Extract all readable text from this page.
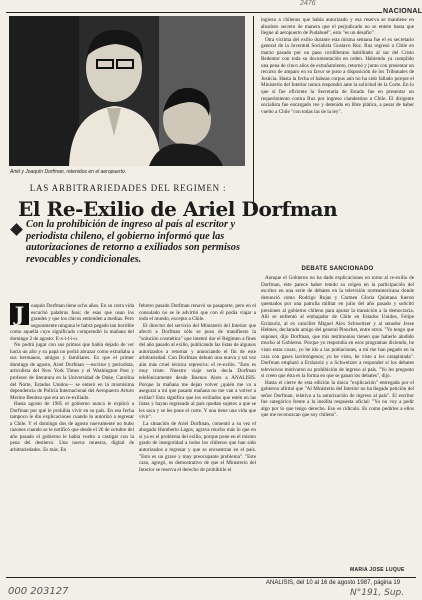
2476
NACIONAL
Ariel y Joaquín Dorfman, retenidos en el aeropuerto.

ingreso a chilenos que había autorizado y esa reserva se mantiene en absoluto secreto de manera que el perjudicado no se entere hasta que llegue al aeropuerto de Pudahuel", esto "es un desafío".

Otra víctima del exilio durante esta misma semana fue el ex secretario general de la Juventud Socialista Gustavo Ruz. Ruz regresó a Chile en marzo pasado por un paso cordillerano habilitado al sur del Cristo Redentor con toda su documentación en orden. Habiendo ya cumplido una pena de cinco años de extrañamiento, retornó y junto con presentar un recurso de amparo en su favor se puso a disposición de los Tribunales de Justicia. Hasta la fecha el habeas corpus aún no ha sido fallado porque el Ministerio del Interior nunca respondió ante la solicitud de la Corte. En lo que sí fue eficiente la Secretaría de Estado fue en presentar un requerimiento contra Ruz por ingreso clandestino a Chile. El dirigente socialista fue encargado reo y detenido en libre plática, a pesar de haber vuelto a Chile "con todas las de la ley".

LAS ARBITRARIEDADES DEL REGIMEN :
El Re-Exilio de Ariel Dorfman
Con la prohibición de ingreso al país al escritor y periodista chileno, el gobierno informó que las autorizaciones de retorno a exiliados son permisos revocables y condicionales.
J	oaquín Dorfman tiene ocho años. En su corta vida escuchó palabras feas; de esas que usan los grandes y que los chicos entienden a medias. Pero seguramente ninguna le habrá pegado tan horrible como aquella cuyo significado comprendió la mañana del domingo 2 de agosto: E-x-i-l-i-o.

No podrá jugar con sus primos que había dejado de ver hacía un año y su papá no podrá abrazar como extrañaba a sus hermanos, amigos y familiares. Es que el primer domingo de agosto, Ariel Dorfman —escritor y periodista, articulista del New York Times y el Washington Post y profesor de literatura en la Universidad de Duke, Carolina del Norte, Estados Unidos— se enteró en la mismísima dependencia de Policía Internacional del Aeropuerto Arturo Merino Benítez que era un re-exiliado.

Hasta agosto de 1985 el gobierno nunca le explicó a Dorfman por qué le prohibía vivir en su país. En esa fecha tampoco le dio explicaciones cuando lo autorizó a regresar a Chile. Y el domingo dos de agosto nuevamente no hubo razones cuando se le notificó que desde el 26 de octubre del año pasado el gobierno le había vuelto a castigar con la pena del destierro. Una nueva muestra, digital de arbitrariedades. Es más. En

febrero pasado Dorfman renovó su pasaporte, pero en el consulado no se le advirtió que con él podía viajar a todo el mundo, excepto a Chile.

El director del servicio del Ministerio del Interior que afectó a Dorfman sólo se puso de manifiesto la "solución cosmética" que intentó dar el Régimen a fines del año pasado al exilio, publicando las listas de algunos autorizados a retornar y anunciando el fin de este arbitrariedad. Con Dorfman debutó una nueva y tal vez aún más cruel técnica represiva: el re-exilio. "Esto es muy triste. Nuestro viaje sería decía Dorfman telefónicamente desde Buenos Aires a ANALISIS. Porque la mañana me dejan volver ¿quién me va a asegurar a mí que pasado mañana no me van a volver a exiliar? Esto significa que los exiliados que estén en las listas y hayan regresado al país quedan sujetos a que se les saca y se les pone el corte. Y una tiene una vida que vivir".

La situación de Ariel Dorfman, comentó a su vez el abogado Humberto Lagos, agrava mucho más lo que en sí ya es el problema del exilio, porque pone en el mismo grado de inseguridad a todos los chilenos que han sido autorizados a regresar y que se encuentran en el país. "Esto es un grave y muy preocupante problema". "Este caso, agregó, es demostrativo de que el Ministerio del Interior se reserva el derecho de prohibirle el

DEBATE SANCIONADO

Aunque el Gobierno no ha dado explicaciones en torno al re-exilio de Dorfman, éste parece haber tenido su origen en la participación del escritor en una serie de debates en la televisión norteamericana donde denunció como Rodrigo Rojas y Carmen Gloria Quintana fueron quemados por una patrulla militar en julio del año pasado y solicitó presiones al gobierno chileno para apurar la transición a la democracia. Allí se enfrentó al embajador de Chile en Estados Unidos, Felipe Errázuriz, al ex canciller Miguel Alex Schweitzer y al senador Jesse Helmes, declarado amigo del general Pinochet, entre otros. "Yo tengo que suponer, dijo Dorfman, que mis testimonios tienen que haberle aludido mucho al Gobierno. Porque yo respondía en esos programas diciendo, he visto estas cosas, yo he ido a las poblaciones, a mí me han pegado en la cara con gases lacrimógenos; yo he visto, he visto a los carapintada". Dorfman emplazó a Errázuriz y a Schweitzer a responder si los debates televisivos motivaron su prohibición de ingreso al país. "Yo les pregunto si creen que ésta es la forma en que se ganan los debates", dijo.

Hasta el cierre de esta edición la única "explicación" entregada por el gobierno afirmó que "Al Ministerio del Interior no ha llegado petición del señor Dorfman, relativa a la autorización de ingreso al país". El escritor fue categórico frente a la insólita respuesta oficial: "Yo no voy a pedir algo por lo que tengo derecho. Eso es ridículo. Es como pedirles a ellos que me reconozcan que soy chileno".

MARIA JOSE LUQUE
ANALISIS, del 10 al 16 de agosto 1987, página 19
000 203127	N°191, Sup.
